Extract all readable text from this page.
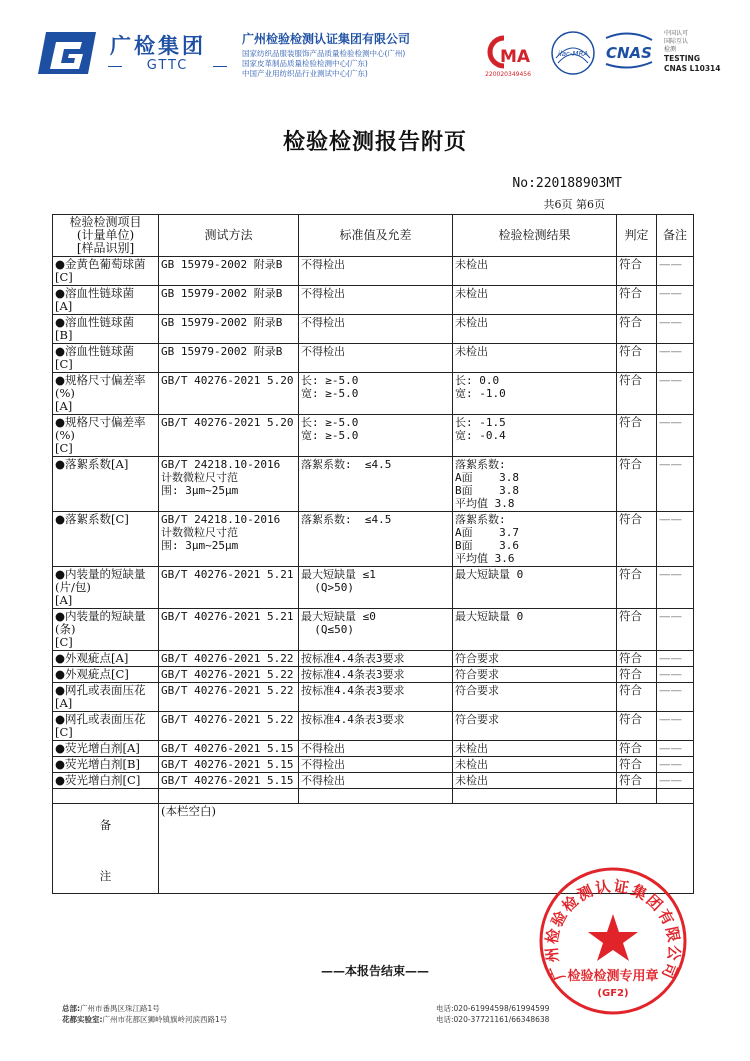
广检集团
GTTC
广州检验检测认证集团有限公司
国家纺织品服装服饰产品质量检验检测中心(广州)
国家皮革制品质量检验检测中心(广东)
中国产业用纺织品行业测试中心(广东)
MA
220020349456
ilac-MRA CNAS
中国认可
国际互认
检测
TESTING
CNAS L10314
检验检测报告附页
No:220188903MT
共6页 第6页
检验检测项目
(计量单位)
[样品识别]	测试方法	标准值及允差	检验检测结果	判定	备注
●金黄色葡萄球菌
[C]	GB 15979-2002 附录B	不得检出	未检出	符合	——
●溶血性链球菌
[A]	GB 15979-2002 附录B	不得检出	未检出	符合	——
●溶血性链球菌
[B]	GB 15979-2002 附录B	不得检出	未检出	符合	——
●溶血性链球菌
[C]	GB 15979-2002 附录B	不得检出	未检出	符合	——
●规格尺寸偏差率
(%)
[A]	GB/T 40276-2021 5.20	长: ≥-5.0
宽: ≥-5.0	长: 0.0
宽: -1.0	符合	——
●规格尺寸偏差率
(%)
[C]	GB/T 40276-2021 5.20	长: ≥-5.0
宽: ≥-5.0	长: -1.5
宽: -0.4	符合	——
●落絮系数[A]	GB/T 24218.10-2016
计数微粒尺寸范
围: 3μm~25μm	落絮系数:  ≤4.5	落絮系数:
A面    3.8
B面    3.8
平均值 3.8	符合	——
●落絮系数[C]	GB/T 24218.10-2016
计数微粒尺寸范
围: 3μm~25μm	落絮系数:  ≤4.5	落絮系数:
A面    3.7
B面    3.6
平均值 3.6	符合	——
●内装量的短缺量
(片/包)
[A]	GB/T 40276-2021 5.21	最大短缺量 ≤1
(Q>50)	最大短缺量 0	符合	——
●内装量的短缺量
(条)
[C]	GB/T 40276-2021 5.21	最大短缺量 ≤0
(Q≤50)	最大短缺量 0	符合	——
●外观疵点[A]	GB/T 40276-2021 5.22	按标准4.4条表3要求	符合要求	符合	——
●外观疵点[C]	GB/T 40276-2021 5.22	按标准4.4条表3要求	符合要求	符合	——
●网孔或表面压花
[A]	GB/T 40276-2021 5.22	按标准4.4条表3要求	符合要求	符合	——
●网孔或表面压花
[C]	GB/T 40276-2021 5.22	按标准4.4条表3要求	符合要求	符合	——
●荧光增白剂[A]	GB/T 40276-2021 5.15	不得检出	未检出	符合	——
●荧光增白剂[B]	GB/T 40276-2021 5.15	不得检出	未检出	符合	——
●荧光增白剂[C]	GB/T 40276-2021 5.15	不得检出	未检出	符合	——

备
注	(本栏空白)				
广州检验检测认证集团有限公司
检验检测专用章
(GF2)
——本报告结束——
总部:广州市番禺区珠江路1号	电话:020-61994598/61994599
花都实验室:广州市花都区狮岭镇旗岭河滨西路1号	电话:020-37721161/66348638
